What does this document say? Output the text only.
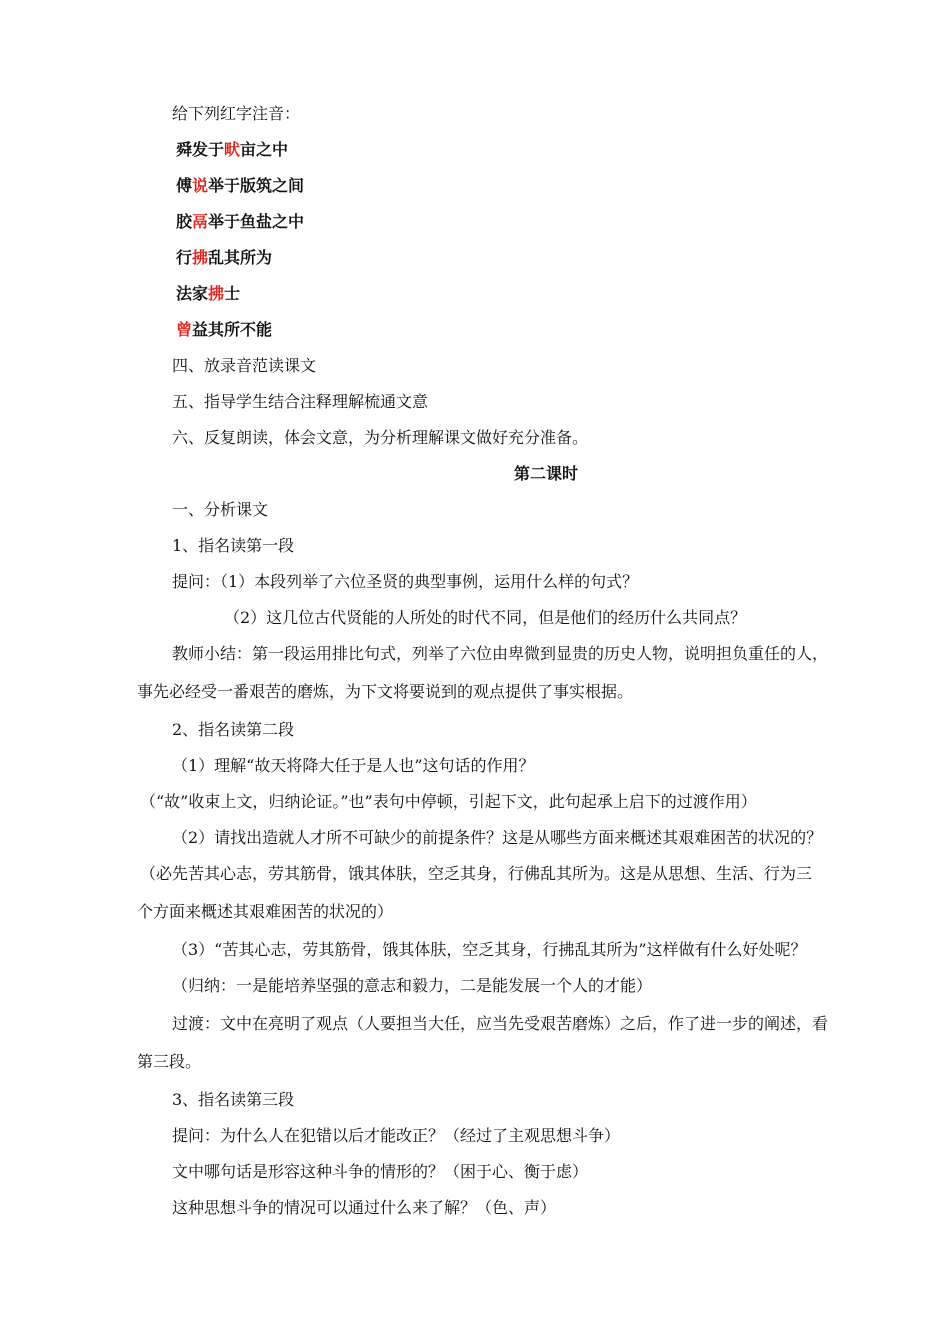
给下列红字注音：
舜发于畎亩之中
傅说举于版筑之间
胶鬲举于鱼盐之中
行拂乱其所为
法家拂士
曾益其所不能
四、放录音范读课文
五、指导学生结合注释理解梳通文意
六、反复朗读，体会文意，为分析理解课文做好充分准备。
第二课时
一、分析课文
1、指名读第一段
提问：（1）本段列举了六位圣贤的典型事例，运用什么样的句式？
（2）这几位古代贤能的人所处的时代不同，但是他们的经历什么共同点？
教师小结：第一段运用排比句式，列举了六位由卑微到显贵的历史人物，说明担负重任的人，
事先必经受一番艰苦的磨炼，为下文将要说到的观点提供了事实根据。
2、指名读第二段
（1）理解“故天将降大任于是人也”这句话的作用？
（“故”收束上文，归纳论证。”也”表句中停顿，引起下文，此句起承上启下的过渡作用）
（2）请找出造就人才所不可缺少的前提条件？这是从哪些方面来概述其艰难困苦的状况的？
（必先苦其心志，劳其筋骨，饿其体肤，空乏其身，行佛乱其所为。这是从思想、生活、行为三
个方面来概述其艰难困苦的状况的）
（3）“苦其心志，劳其筋骨，饿其体肤，空乏其身，行拂乱其所为”这样做有什么好处呢？
（归纳：一是能培养坚强的意志和毅力，二是能发展一个人的才能）
过渡：文中在亮明了观点（人要担当大任，应当先受艰苦磨炼）之后，作了进一步的阐述，看
第三段。
3、指名读第三段
提问：为什么人在犯错以后才能改正？（经过了主观思想斗争）
文中哪句话是形容这种斗争的情形的？（困于心、衡于虑）
这种思想斗争的情况可以通过什么来了解？（色、声）
